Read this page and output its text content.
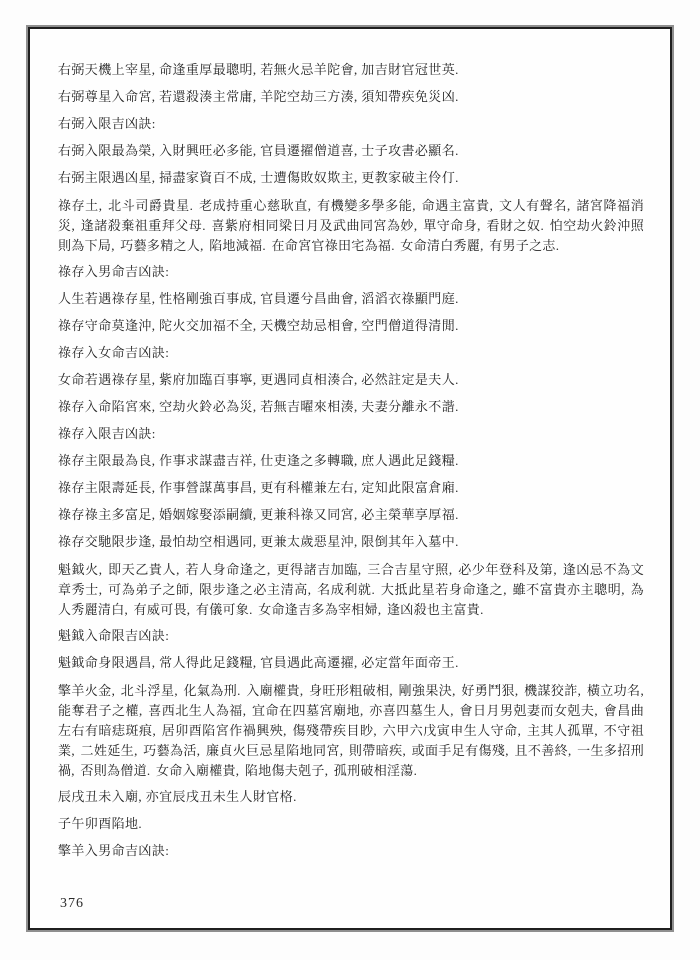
右弼天機上宰星, 命逢重厚最聰明, 若無火忌羊陀會, 加吉財官冠世英.
右弼尊星入命宮, 若還殺湊主常庸, 羊陀空劫三方湊, 須知帶疾免災凶.
右弼入限吉凶訣:
右弼入限最為榮, 入財興旺必多能, 官員遷擢僧道喜, 士子攻書必顯名.
右弼主限遇凶星, 掃盡家資百不成, 士遭傷敗奴欺主, 更教家破主伶仃.
祿存土, 北斗司爵貴星. 老成持重心慈耿直, 有機變多學多能, 命遇主富貴, 文人有聲名, 諸宮降福消災, 逢諸殺棄祖重拜父母. 喜紫府相同梁日月及武曲同宮為妙, 單守命身, 看財之奴. 怕空劫火鈴沖照則為下局, 巧藝多精之人, 陷地減福. 在命宮官祿田宅為福. 女命清白秀麗, 有男子之志.
祿存入男命吉凶訣:
人生若遇祿存星, 性格剛強百事成, 官員遷兮昌曲會, 滔滔衣祿顯門庭.
祿存守命莫逢沖, 陀火交加福不全, 天機空劫忌相會, 空門僧道得清閒.
祿存入女命吉凶訣:
女命若遇祿存星, 紫府加臨百事寧, 更遇同貞相湊合, 必然註定是夫人.
祿存入命陷宮來, 空劫火鈴必為災, 若無吉曜來相湊, 夫妻分離永不諧.
祿存入限吉凶訣:
祿存主限最為良, 作事求謀盡吉祥, 仕吏逢之多轉職, 庶人遇此足錢糧.
祿存主限壽延長, 作事營謀萬事昌, 更有科權兼左右, 定知此限富倉廂.
祿存祿主多富足, 婚姻嫁娶添嗣續, 更兼科祿又同宮, 必主榮華享厚福.
祿存交馳限步逢, 最怕劫空相遇同, 更兼太歲惡星沖, 限倒其年入墓中.
魁鉞火, 即天乙貴人, 若人身命逢之, 更得諸吉加臨, 三合吉星守照, 必少年登科及第, 逢凶忌不為文章秀士, 可為弟子之師, 限步逢之必主清高, 名成利就. 大抵此星若身命逢之, 雖不富貴亦主聰明, 為人秀麗清白, 有威可畏, 有儀可象. 女命逢吉多為宰相婦, 逢凶殺也主富貴.
魁鉞入命限吉凶訣:
魁鉞命身限遇昌, 常人得此足錢糧, 官員遇此高遷擢, 必定當年面帝王.
擎羊火金, 北斗浮星, 化氣為刑. 入廟權貴, 身旺形粗破相, 剛強果決, 好勇鬥狠, 機謀狡詐, 橫立功名, 能奪君子之權, 喜西北生人為福, 宜命在四墓宮廟地, 亦喜四墓生人, 會日月男剋妻而女剋夫, 會昌曲左右有暗痣斑痕, 居卯酉陷宮作禍興殃, 傷殘帶疾目眇, 六甲六戊寅申生人守命, 主其人孤單, 不守祖業, 二姓延生, 巧藝為活, 廉貞火巨忌星陷地同宮, 則帶暗疾, 或面手足有傷殘, 且不善終, 一生多招刑禍, 否則為僧道. 女命入廟權貴, 陷地傷夫剋子, 孤刑破相淫蕩.
辰戌丑未入廟, 亦宜辰戌丑未生人財官格.
子午卯酉陷地.
擎羊入男命吉凶訣:
376
